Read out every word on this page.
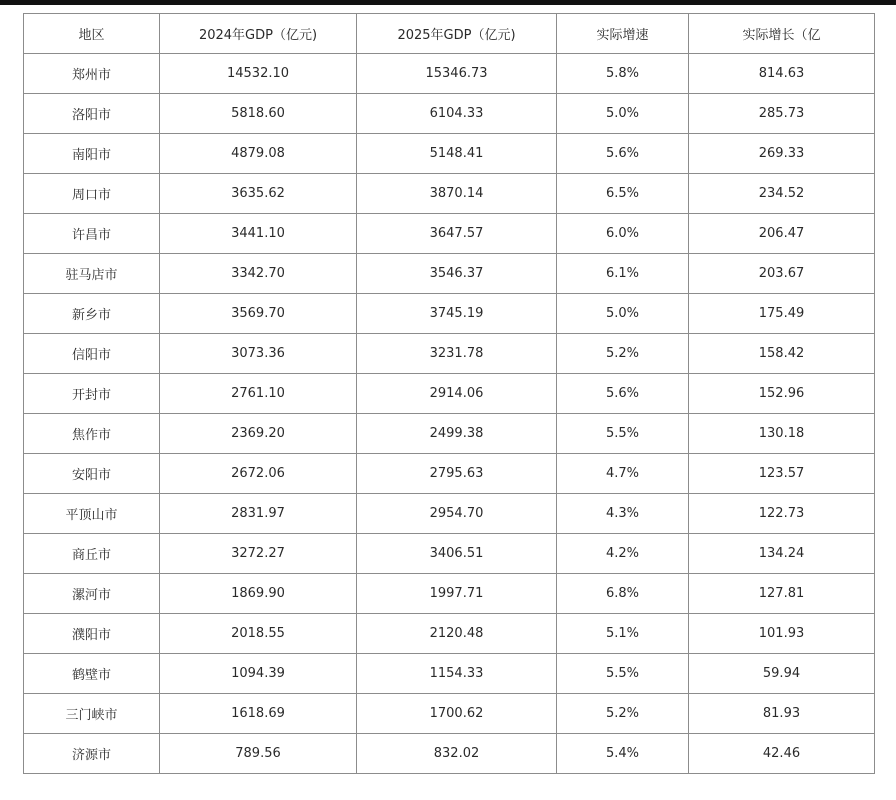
地区	2024年GDP（亿元)	2025年GDP（亿元)	实际增速	实际增长（亿
郑州市	14532.10	15346.73	5.8%	814.63
洛阳市	5818.60	6104.33	5.0%	285.73
南阳市	4879.08	5148.41	5.6%	269.33
周口市	3635.62	3870.14	6.5%	234.52
许昌市	3441.10	3647.57	6.0%	206.47
驻马店市	3342.70	3546.37	6.1%	203.67
新乡市	3569.70	3745.19	5.0%	175.49
信阳市	3073.36	3231.78	5.2%	158.42
开封市	2761.10	2914.06	5.6%	152.96
焦作市	2369.20	2499.38	5.5%	130.18
安阳市	2672.06	2795.63	4.7%	123.57
平顶山市	2831.97	2954.70	4.3%	122.73
商丘市	3272.27	3406.51	4.2%	134.24
漯河市	1869.90	1997.71	6.8%	127.81
濮阳市	2018.55	2120.48	5.1%	101.93
鹤壁市	1094.39	1154.33	5.5%	59.94
三门峡市	1618.69	1700.62	5.2%	81.93
济源市	789.56	832.02	5.4%	42.46
